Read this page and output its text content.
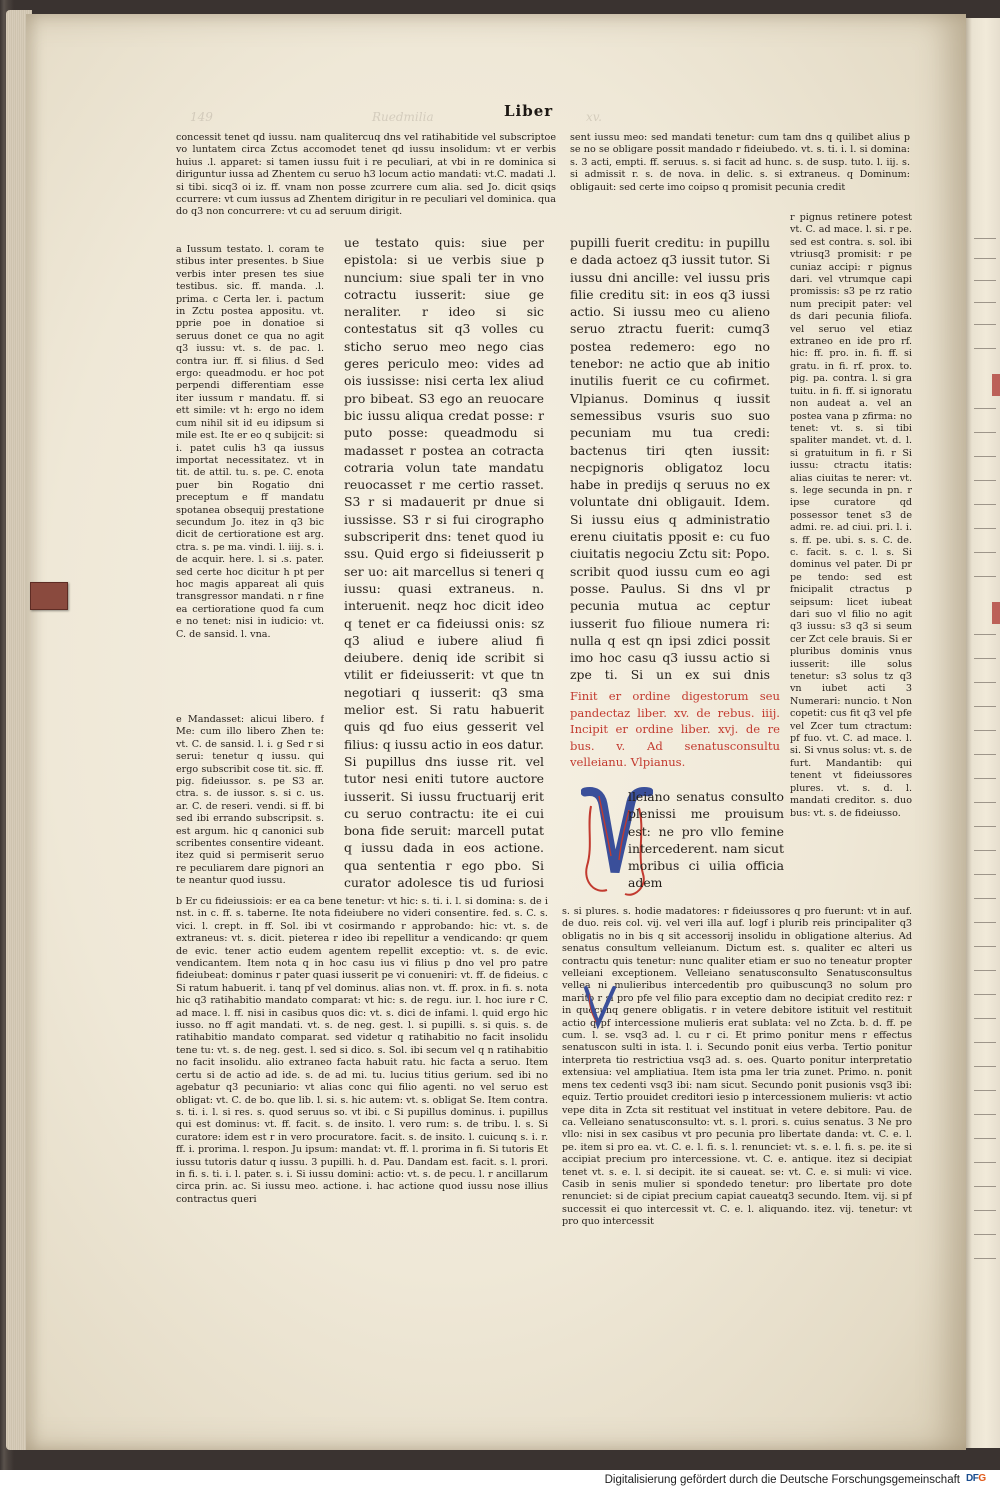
149	Ruedmilia	xv.

concessit tenet qd iussu. nam qualitercuq dns vel ratihabitide vel subscriptoe vo luntatem circa Zctus accomodet tenet qd iussu insolidum: vt er verbis huius .l. apparet: si tamen iussu fuit i re peculiari, at vbi in re dominica si diriguntur iussa ad Zhentem cu seruo h3 locum actio mandati: vt.C. madati .l. si tibi. sicq3 oi iz. ff. vnam non posse zcurrere cum alia. sed Jo. dicit qsiqs ccurrere: vt cum iussus ad Zhentem dirigitur in re peculiari vel dominica. qua do q3 non concurrere: vt cu ad seruum dirigit.

a Iussum testato. l. coram te stibus inter presentes. b Siue verbis inter presen tes siue testibus. sic. ff. manda. .l. prima. c Certa ler. i. pactum in Zctu postea appositu. vt. pprie poe in donatioe si seruus donet ce qua no agit q3 iussu: vt. s. de pac. l. contra iur. ff. si filius. d Sed ergo: queadmodu. er hoc pot perpendi differentiam esse iter iussum r mandatu. ff. si ett simile: vt h: ergo no idem cum nihil sit id eu idipsum si mile est. Ite er eo q subijcit: si i. patet culis h3 qa iussus importat necessitatez. vt in tit. de attil. tu. s. pe. C. enota puer bin Rogatio dni preceptum e ff mandatu spotanea obsequij prestatione secundum Jo. itez in q3 bic dicit de certioratione est arg. ctra. s. pe ma. vindi. l. iiij. s. i. de acquir. here. l. si .s. pater. sed certe hoc dicitur h pt per hoc magis appareat ali quis transgressor mandati. n r fine ea certioratione quod fa cum e no tenet: nisi in iudicio: vt. C. de sansid. l. vna.

e Mandasset: alicui libero. f Me: cum illo libero Zhen te: vt. C. de sansid. l. i. g Sed r si serui: tenetur q iussu. qui ergo subscribit cose tit. sic. ff. pig. fideiussor. s. pe S3 ar. ctra. s. de iussor. s. si c. us. ar. C. de reseri. vendi. si ff. bi sed ibi errando subscripsit. s. est argum. hic q canonici sub scribentes consentire videant. itez quid si permiserit seruo re peculiarem dare pignori an te neantur quod iussu.

ue testato quis: siue per epistola: si ue verbis siue p nuncium: siue spali ter in vno cotractu iusserit: siue ge neraliter. r ideo si sic contestatus sit q3 volles cu sticho seruo meo nego cias geres periculo meo: vides ad ois iussisse: nisi certa lex aliud pro bibeat. S3 ego an reuocare bic iussu aliqua credat posse: r puto posse: queadmodu si madasset r postea an cotracta cotraria volun tate mandatu reuocasset r me certio rasset. S3 r si madauerit pr dnue si iussisse. S3 r si fui cirographo subscriperit dns: tenet quod iu ssu. Quid ergo si fideiusserit p ser uo: ait marcellus si teneri q iussu: quasi extraneus. n. interuenit. neqz hoc dicit ideo q tenet er ca fideiussi onis: sz q3 aliud e iubere aliud fi deiubere. deniq ide scribit si vtilit er fideiusserit: vt que tn negotiari q iusserit: q3 sma melior est. Si ratu habuerit quis qd fuo eius gesserit vel filius: q iussu actio in eos datur. Si pupillus dns iusse rit. vel tutor nesi eniti tutore auctore iusserit. Si iussu fructuarij erit cu seruo contractu: ite ei cui bona fide seruit: marcell putat q iussu dada in eos actione. qua sententia r ego pbo. Si curator adolesce tis ud furiosi

b Er cu fideiussiois: er ea ca bene tenetur: vt hic: s. ti. i. l. si domina: s. de i nst. in c. ff. s. taberne. Ite nota fideiubere no videri consentire. fed. s. C. s. vici. l. crept. in ff. Sol. ibi vt cosirmando r approbando: hic: vt. s. de extraneus: vt. s. dicit. pieterea r ideo ibi repellitur a vendicando: qr quem de evic. tener actio eudem agentem repellit exceptio: vt. s. de evic. vendicantem. Item nota q in hoc casu ius vi filius p dno vel pro patre fideiubeat: dominus r pater quasi iusserit pe vi conueniri: vt. ff. de fideius. c Si ratum habuerit. i. tanq pf vel dominus. alias non. vt. ff. prox. in fi. s. nota hic q3 ratihabitio mandato comparat: vt hic: s. de regu. iur. l. hoc iure r C. ad mace. l. ff. nisi in casibus quos dic: vt. s. dici de infami. l. quid ergo hic iusso. no ff agit mandati. vt. s. de neg. gest. l. si pupilli. s. si quis. s. de ratihabitio mandato comparat. sed videtur q ratihabitio no facit insolidu tene tu: vt. s. de neg. gest. l. sed si dico. s. Sol. ibi secum vel q n ratihabitio no facit insolidu. alio extraneo facta habuit ratu. hic facta a seruo. Item certu si de actio ad ide. s. de ad mi. tu. lucius titius gerium. sed ibi no agebatur q3 pecuniario: vt alias conc qui filio agenti. no vel seruo est obligat: vt. C. de bo. que lib. l. si. s. hic autem: vt. s. obligat Se. Item contra. s. ti. i. l. si res. s. quod seruus so. vt ibi. c Si pupillus dominus. i. pupillus qui est dominus: vt. ff. facit. s. de insito. l. vero rum: s. de tribu. l. s. Si curatore: idem est r in vero procuratore. facit. s. de insito. l. cuicunq s. i. r. ff. i. prorima. l. respon. Ju ipsum: mandat: vt. ff. l. prorima in fi. Si tutoris Et iussu tutoris datur q iussu. 3 pupilli. h. d. Pau. Dandam est. facit. s. l. prori. in fi. s. ti. i. l. pater. s. i. Si iussu domini: actio: vt. s. de pecu. l. r ancillarum circa prin. ac. Si iussu meo. actione. i. hac actione quod iussu nose illius contractus queri

Liber

sent iussu meo: sed mandati tenetur: cum tam dns q quilibet alius p se no se obligare possit mandado r fideiubedo. vt. s. ti. i. l. si domina: s. 3 acti, empti. ff. seruus. s. si facit ad hunc. s. de susp. tuto. l. iij. s. si admissit r. s. de nova. in delic. s. si extraneus. q Dominum: obligauit: sed certe imo coipso q promisit pecunia credit

pupilli fuerit creditu: in pupillu e dada actoez q3 iussit tutor. Si iussu dni ancille: vel iussu pris filie creditu sit: in eos q3 iussi actio. Si iussu meo cu alieno seruo ztractu fuerit: cumq3 postea redemero: ego no tenebor: ne actio que ab initio inutilis fuerit ce cu cofirmet. Vlpianus. Dominus q iussit semessibus vsuris suo suo pecuniam mu tua credi: bactenus tiri qten iussit: necpignoris obligatoz locu habe in predijs q seruus no ex voluntate dni obligauit. Idem. Si iussu eius q administratio erenu ciuitatis pposit e: cu fuo ciuitatis negociu Zctu sit: Popo. scribit quod iussu cum eo agi posse. Paulus. Si dns vl pr pecunia mutua ac ceptur iusserit fuo filioue numera ri: nulla q est qn ipsi zdici possit imo hoc casu q3 iussu actio si zpe ti. Si un ex sui dnis

Finit er ordine digestorum seu pandectaz liber. xv. de rebus. iiij. Incipit er ordine liber. xvj. de re bus. v. Ad senatusconsultu velleianu. Vlpianus.

lleiano senatus consulto plenissi me prouisum est: ne pro vllo femine intercederent. nam sicut moribus ci uilia officia adem

r pignus retinere potest vt. C. ad mace. l. si. r pe. sed est contra. s. sol. ibi vtriusq3 promisit: r pe cuniaz accipi: r pignus dari. vel vtrumque capi promissis: s3 pe rz ratio num precipit pater: vel ds dari pecunia filiofa. vel seruo vel etiaz extraneo en ide pro rf. hic: ff. pro. in. fi. ff. si gratu. in fi. rf. prox. to. pig. pa. contra. l. si gra tuitu. in fi. ff. si ignoratu non audeat a. vel an postea vana p zfirma: no tenet: vt. s. si tibi spaliter mandet. vt. d. l. si gratuitum in fi. r Si iussu: ctractu itatis: alias ciuitas te nerer: vt. s. lege secunda in pn. r ipse curatore qd possessor tenet s3 de admi. re. ad ciui. pri. l. i. s. ff. pe. ubi. s. s. C. de. c. facit. s. c. l. s. Si dominus vel pater. Di pr pe tendo: sed est fnicipalit ctractus p seipsum: licet iubeat dari suo vl filio no agit q3 iussu: s3 q3 si seum cer Zct cele brauis. Si er pluribus dominis vnus iusserit: ille solus tenetur: s3 solus tz q3 vn iubet acti 3 Numerari: nuncio. t Non copetit: cus fit q3 vel pfe vel Zcer tum ctractum: pf fuo. vt. C. ad mace. l. si. Si vnus solus: vt. s. de furt. Mandantib: qui tenent vt fideiussores plures. vt. s. d. l. mandati creditor. s. duo bus: vt. s. de fideiusso.

s. si plures. s. hodie madatores: r fideiussores q pro fuerunt: vt in auf. de duo. reis col. vij. vel veri illa auf. logf i plurib reis principaliter q3 obligatis no in bis q sit accessorij insolidu in obligatione alterius. Ad senatus consultum velleianum. Dictum est. s. qualiter ec alteri us contractu quis tenetur: nunc qualiter etiam er suo no teneatur propter velleiani exceptionem. Velleiano senatusconsulto Senatusconsultus vellea ni mulieribus intercedentib pro quibuscunq3 no solum pro marito r si pro pfe vel filio para exceptio dam no decipiat credito rez: r in quocunq genere obligatis. r in vetere debitore istituit vel restituit actio q pf intercessione mulieris erat sublata: vel no Zcta. b. d. ff. pe cum. l. se. vsq3 ad. l. cu r ci. Et primo ponitur mens r effectus senatuscon sulti in ista. l. i. Secundo ponit eius verba. Tertio ponitur interpreta tio restrictiua vsq3 ad. s. oes. Quarto ponitur interpretatio extensiua: vel ampliatiua. Item ista pma ler tria zunet. Primo. n. ponit mens tex cedenti vsq3 ibi: nam sicut. Secundo ponit pusionis vsq3 ibi: equiz. Tertio prouidet creditori iesio p intercessionem mulieris: vt actio vepe dita in Zcta sit restituat vel instituat in vetere debitore. Pau. de ca. Velleiano senatusconsulto: vt. s. l. prori. s. cuius senatus. 3 Ne pro vllo: nisi in sex casibus vt pro pecunia pro libertate danda: vt. C. e. l. pe. item si pro ea. vt. C. e. l. fi. s. l. renunciet: vt. s. e. l. fi. s. pe. ite si accipiat precium pro intercessione. vt. C. e. antique. itez si decipiat tenet vt. s. e. l. si decipit. ite si caueat. se: vt. C. e. si muli: vi vice. Casib in senis mulier si spondedo tenetur: pro libertate pro dote renunciet: si de cipiat precium capiat caueatq3 secundo. Item. vij. si pf successit ei quo intercessit vt. C. e. l. aliquando. itez. vij. tenetur: vt pro quo intercessit

Digitalisierung gefördert durch die Deutsche Forschungsgemeinschaft DFG
